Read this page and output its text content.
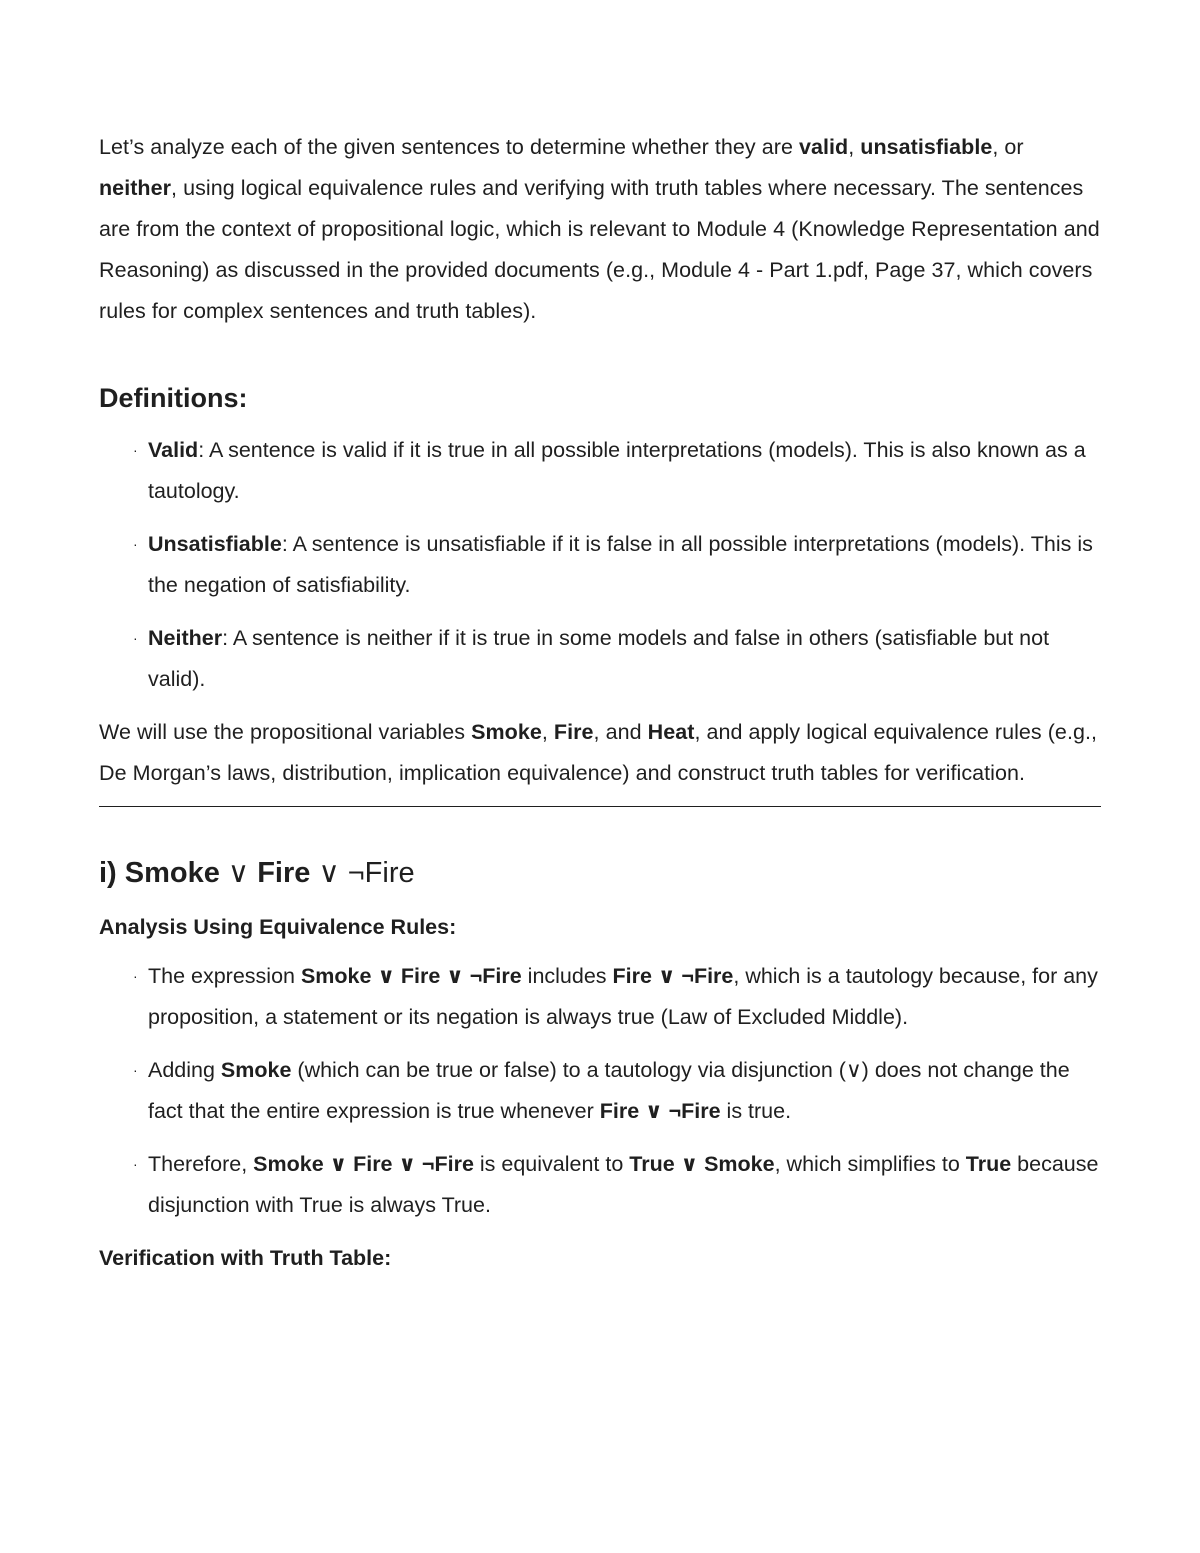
Let’s analyze each of the given sentences to determine whether they are valid, unsatisfiable, or neither, using logical equivalence rules and verifying with truth tables where necessary. The sentences are from the context of propositional logic, which is relevant to Module 4 (Knowledge Representation and Reasoning) as discussed in the provided documents (e.g., Module 4 - Part 1.pdf, Page 37, which covers rules for complex sentences and truth tables).

Definitions:
· Valid: A sentence is valid if it is true in all possible interpretations (models). This is also known as a tautology.
· Unsatisfiable: A sentence is unsatisfiable if it is false in all possible interpretations (models). This is the negation of satisfiability.
· Neither: A sentence is neither if it is true in some models and false in others (satisfiable but not valid).

We will use the propositional variables Smoke, Fire, and Heat, and apply logical equivalence rules (e.g., De Morgan’s laws, distribution, implication equivalence) and construct truth tables for verification.

i) Smoke ∨ Fire ∨ ¬Fire

Analysis Using Equivalence Rules:

· The expression Smoke ∨ Fire ∨ ¬Fire includes Fire ∨ ¬Fire, which is a tautology because, for any proposition, a statement or its negation is always true (Law of Excluded Middle).
· Adding Smoke (which can be true or false) to a tautology via disjunction (∨) does not change the fact that the entire expression is true whenever Fire ∨ ¬Fire is true.
· Therefore, Smoke ∨ Fire ∨ ¬Fire is equivalent to True ∨ Smoke, which simplifies to True because disjunction with True is always True.

Verification with Truth Table:
